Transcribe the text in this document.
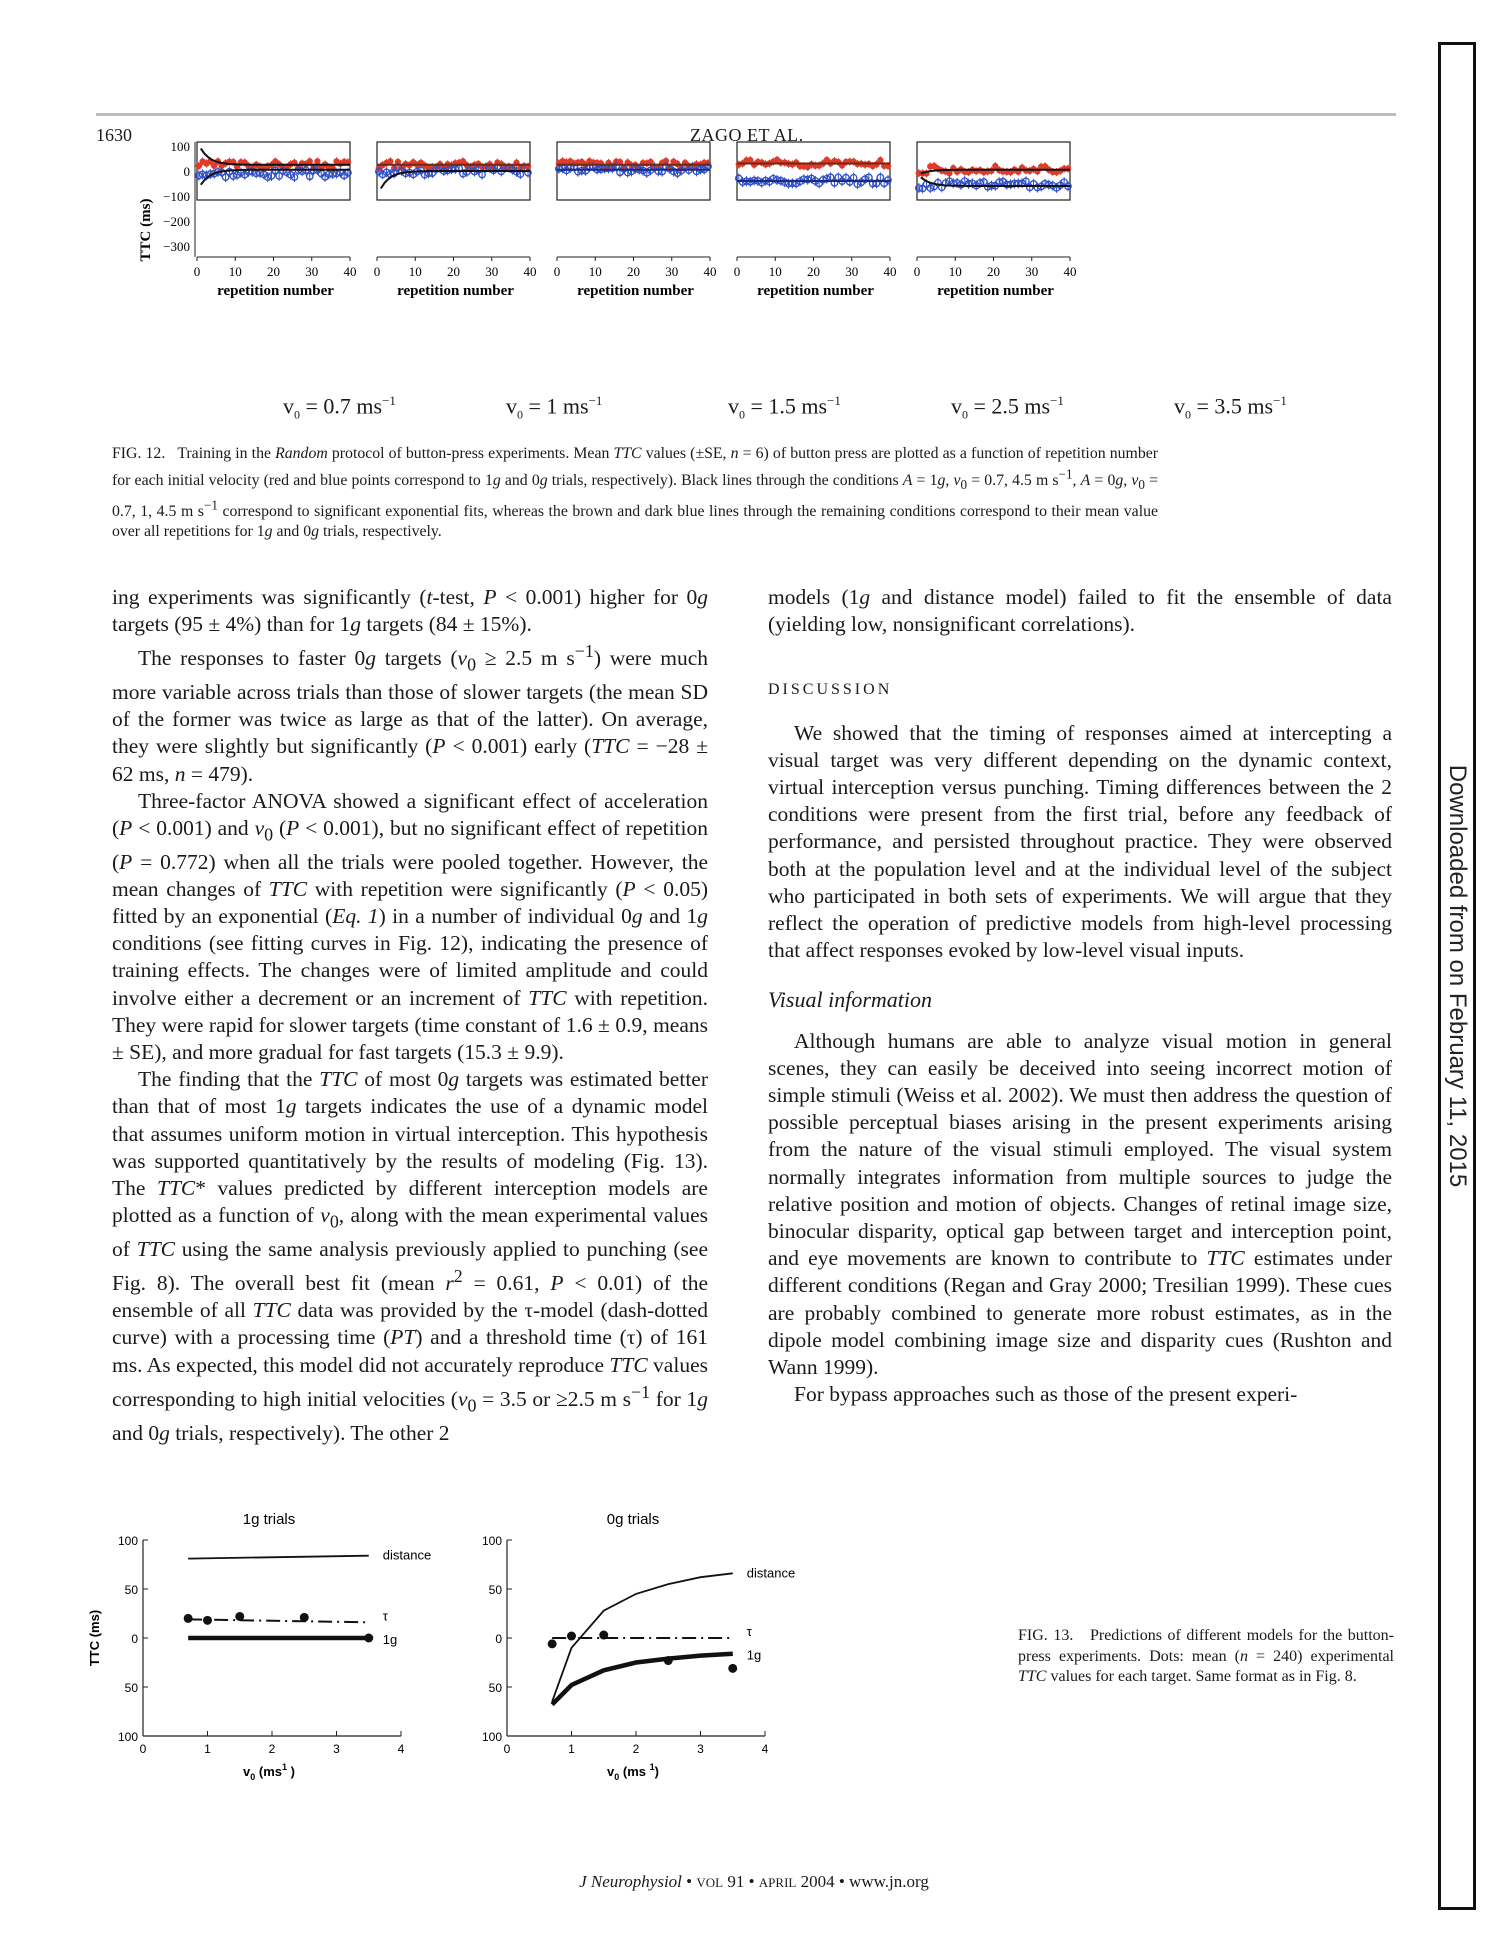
1630	ZAGO ET AL.
Downloaded from on February 11, 2015
TTC (ms)
100
0
−100
−200
−300
0 10 20 30 40
repetition number
0 10 20 30 40
repetition number
0 10 20 30 40
repetition number
0 10 20 30 40
repetition number
0 10 20 30 40
repetition number
$v_0 = 0.7$ $ms^{-1}$	$v_0 = 1$ $ms^{-1}$	$v_0 = 1.5$ $ms^{-1}$	$v_0 = 2.5$ $ms^{-1}$	$v_0 = 3.5$ $ms^{-1}$
FIG. 12. Training in the Random protocol of button-press experiments. Mean TTC values (±SE, n = 6) of button press are plotted as a function of repetition number for each initial velocity (red and blue points correspond to 1g and 0g trials, respectively). Black lines through the conditions A = 1g, $v_0 = 0.7$, 4.5 m $s^{-1}$, A = 0g, $v_0 = 0.7$, 1, 4.5 m $s^{-1}$ correspond to significant exponential fits, whereas the brown and dark blue lines through the remaining conditions correspond to their mean value over all repetitions for 1g and 0g trials, respectively.

ing experiments was significantly (t-test, P < 0.001) higher for 0g targets (95 ± 4%) than for 1g targets (84 ± 15%).

The responses to faster 0g targets ($v_0 \ge 2.5$ m $s^{-1}$) were much more variable across trials than those of slower targets (the mean SD of the former was twice as large as that of the latter). On average, they were slightly but significantly (P < 0.001) early (TTC = −28 ± 62 ms, n = 479).

Three-factor ANOVA showed a significant effect of acceleration (P < 0.001) and $v_0$ (P < 0.001), but no significant effect of repetition (P = 0.772) when all the trials were pooled together. However, the mean changes of TTC with repetition were significantly (P < 0.05) fitted by an exponential (Eq. 1) in a number of individual 0g and 1g conditions (see fitting curves in Fig. 12), indicating the presence of training effects. The changes were of limited amplitude and could involve either a decrement or an increment of TTC with repetition. They were rapid for slower targets (time constant of 1.6 ± 0.9, means ± SE), and more gradual for fast targets (15.3 ± 9.9).

The finding that the TTC of most 0g targets was estimated better than that of most 1g targets indicates the use of a dynamic model that assumes uniform motion in virtual interception. This hypothesis was supported quantitatively by the results of modeling (Fig. 13). The TTC* values predicted by different interception models are plotted as a function of $v_0$, along with the mean experimental values of TTC using the same analysis previously applied to punching (see Fig. 8). The overall best fit (mean $r^2 = 0.61$, P < 0.01) of the ensemble of all TTC data was provided by the τ-model (dash-dotted curve) with a processing time (PT) and a threshold time (τ) of 161 ms. As expected, this model did not accurately reproduce TTC values corresponding to high initial velocities ($v_0 = 3.5$ or ≥2.5 m $s^{-1}$ for 1g and 0g trials, respectively). The other 2

models (1g and distance model) failed to fit the ensemble of data (yielding low, nonsignificant correlations).

DISCUSSION

We showed that the timing of responses aimed at intercepting a visual target was very different depending on the dynamic context, virtual interception versus punching. Timing differences between the 2 conditions were present from the first trial, before any feedback of performance, and persisted throughout practice. They were observed both at the population level and at the individual level of the subject who participated in both sets of experiments. We will argue that they reflect the operation of predictive models from high-level processing that affect responses evoked by low-level visual inputs.

Visual information

Although humans are able to analyze visual motion in general scenes, they can easily be deceived into seeing incorrect motion of simple stimuli (Weiss et al. 2002). We must then address the question of possible perceptual biases arising in the present experiments arising from the nature of the visual stimuli employed. The visual system normally integrates information from multiple sources to judge the relative position and motion of objects. Changes of retinal image size, binocular disparity, optical gap between target and interception point, and eye movements are known to contribute to TTC estimates under different conditions (Regan and Gray 2000; Tresilian 1999). These cues are probably combined to generate more robust estimates, as in the dipole model combining image size and disparity cues (Rushton and Wann 1999).

For bypass approaches such as those of the present experi-

1g trials
100
50
0
50
100
0	1	2	3	4
$v_0$ ($ms^1$ )
TTC (ms)
distance
τ
1g
0g trials
100
50
0
50
100
0	1	2	3	4
$v_0$ (ms $^1$)
distance
τ
1g
FIG. 13. Predictions of different models for the button-press experiments. Dots: mean (n = 240) experimental TTC values for each target. Same format as in Fig. 8.
J Neurophysiol • VOL 91 • APRIL 2004 • www.jn.org
